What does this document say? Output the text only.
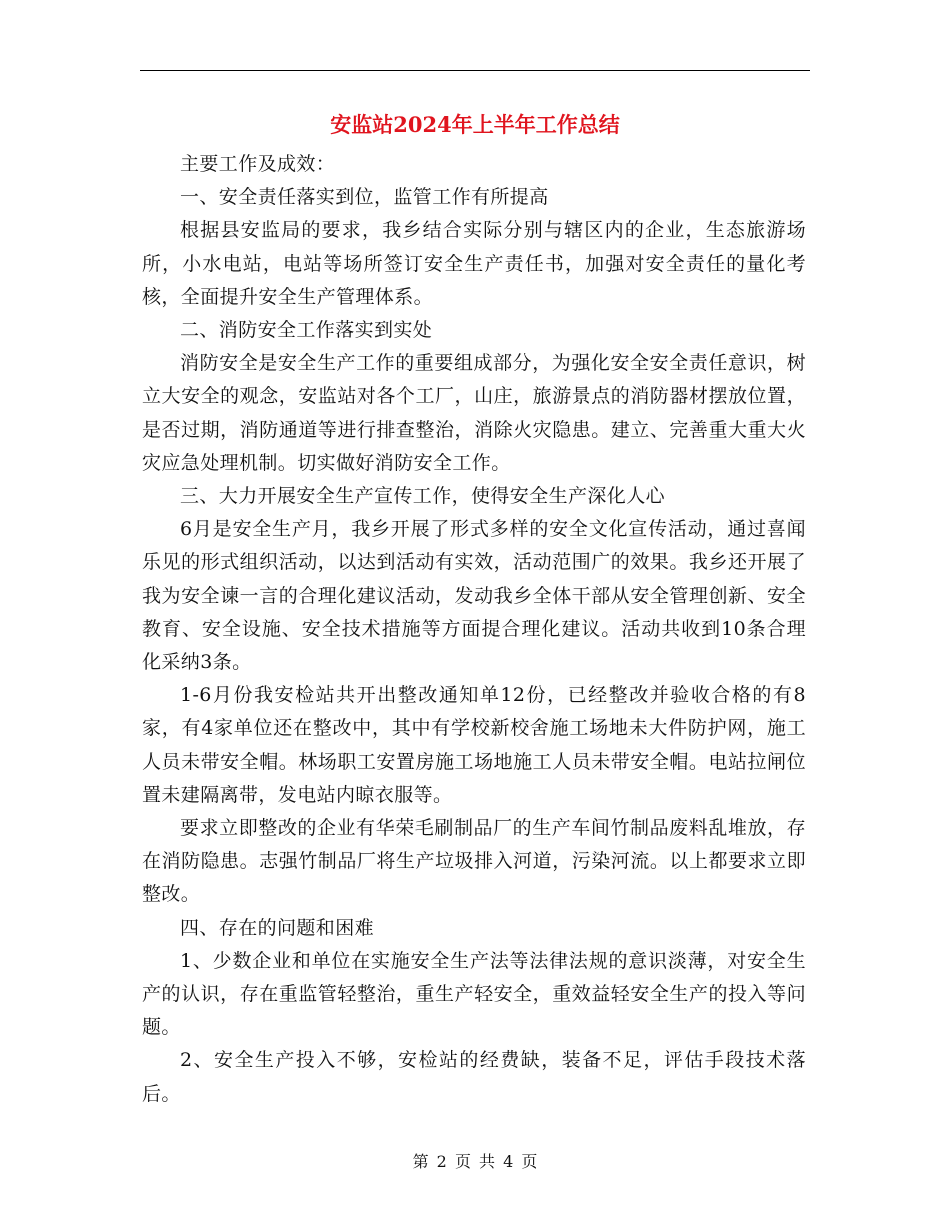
安监站2024年上半年工作总结

主要工作及成效：

一、安全责任落实到位，监管工作有所提高

根据县安监局的要求，我乡结合实际分别与辖区内的企业，生态旅游场所，小水电站，电站等场所签订安全生产责任书，加强对安全责任的量化考核，全面提升安全生产管理体系。

二、消防安全工作落实到实处

消防安全是安全生产工作的重要组成部分，为强化安全安全责任意识，树立大安全的观念，安监站对各个工厂，山庄，旅游景点的消防器材摆放位置，是否过期，消防通道等进行排查整治，消除火灾隐患。建立、完善重大重大火灾应急处理机制。切实做好消防安全工作。

三、大力开展安全生产宣传工作，使得安全生产深化人心

6月是安全生产月，我乡开展了形式多样的安全文化宣传活动，通过喜闻乐见的形式组织活动，以达到活动有实效，活动范围广的效果。我乡还开展了我为安全谏一言的合理化建议活动，发动我乡全体干部从安全管理创新、安全教育、安全设施、安全技术措施等方面提合理化建议。活动共收到10条合理化采纳3条。

1-6月份我安检站共开出整改通知单12份，已经整改并验收合格的有8家，有4家单位还在整改中，其中有学校新校舍施工场地未大件防护网，施工人员未带安全帽。林场职工安置房施工场地施工人员未带安全帽。电站拉闸位置未建隔离带，发电站内晾衣服等。

要求立即整改的企业有华荣毛刷制品厂的生产车间竹制品废料乱堆放，存在消防隐患。志强竹制品厂将生产垃圾排入河道，污染河流。以上都要求立即整改。

四、存在的问题和困难

1、少数企业和单位在实施安全生产法等法律法规的意识淡薄，对安全生产的认识，存在重监管轻整治，重生产轻安全，重效益轻安全生产的投入等问题。

2、安全生产投入不够，安检站的经费缺，装备不足，评估手段技术落后。

第 2 页 共 4 页
